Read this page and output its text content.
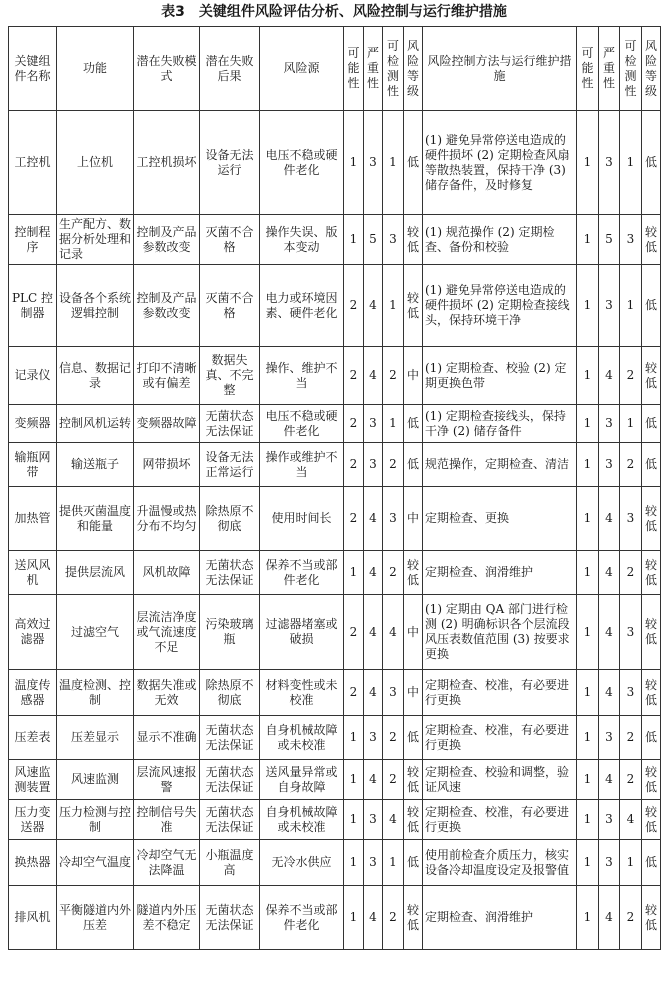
表3　关键组件风险评估分析、风险控制与运行维护措施
关键组件名称	功能	潜在失败模式	潜在失败后果	风险源	可能性	严重性	可检测性	风险等级	风险控制方法与运行维护措施	可能性	严重性	可检测性	风险等级
工控机	上位机	工控机损坏	设备无法运行	电压不稳或硬件老化	1	3	1	低	(1) 避免异常停送电造成的硬件损坏 (2) 定期检查风扇等散热装置，保持干净 (3) 储存备件，及时修复	1	3	1	低
控制程序	生产配方、数据分析处理和记录	控制及产品参数改变	灭菌不合格	操作失误、版本变动	1	5	3	较低	(1) 规范操作 (2) 定期检查、备份和校验	1	5	3	较低
PLC 控制器	设备各个系统逻辑控制	控制及产品参数改变	灭菌不合格	电力或环境因素、硬件老化	2	4	1	较低	(1) 避免异常停送电造成的硬件损坏 (2) 定期检查接线头，保持环境干净	1	3	1	低
记录仪	信息、数据记录	打印不清晰或有偏差	数据失真、不完整	操作、维护不当	2	4	2	中	(1) 定期检查、校验 (2) 定期更换色带	1	4	2	较低
变频器	控制风机运转	变频器故障	无菌状态无法保证	电压不稳或硬件老化	2	3	1	低	(1) 定期检查接线头，保持干净 (2) 储存备件	1	3	1	低
输瓶网带	输送瓶子	网带损坏	设备无法正常运行	操作或维护不当	2	3	2	低	规范操作，定期检查、清洁	1	3	2	低
加热管	提供灭菌温度和能量	升温慢或热分布不均匀	除热原不彻底	使用时间长	2	4	3	中	定期检查、更换	1	4	3	较低
送风风机	提供层流风	风机故障	无菌状态无法保证	保养不当或部件老化	1	4	2	较低	定期检查、润滑维护	1	4	2	较低
高效过滤器	过滤空气	层流洁净度或气流速度不足	污染玻璃瓶	过滤器堵塞或破损	2	4	4	中	(1) 定期由 QA 部门进行检测 (2) 明确标识各个层流段风压表数值范围 (3) 按要求更换	1	4	3	较低
温度传感器	温度检测、控制	数据失准或无效	除热原不彻底	材料变性或未校准	2	4	3	中	定期检查、校准，有必要进行更换	1	4	3	较低
压差表	压差显示	显示不准确	无菌状态无法保证	自身机械故障或未校准	1	3	2	低	定期检查、校准，有必要进行更换	1	3	2	低
风速监测装置	风速监测	层流风速报警	无菌状态无法保证	送风量异常或自身故障	1	4	2	较低	定期检查、校验和调整，验证风速	1	4	2	较低
压力变送器	压力检测与控制	控制信号失准	无菌状态无法保证	自身机械故障或未校准	1	3	4	较低	定期检查、校准，有必要进行更换	1	3	4	较低
换热器	冷却空气温度	冷却空气无法降温	小瓶温度高	无冷水供应	1	3	1	低	使用前检查介质压力，核实设备冷却温度设定及报警值	1	3	1	低
排风机	平衡隧道内外压差	隧道内外压差不稳定	无菌状态无法保证	保养不当或部件老化	1	4	2	较低	定期检查、润滑维护	1	4	2	较低
